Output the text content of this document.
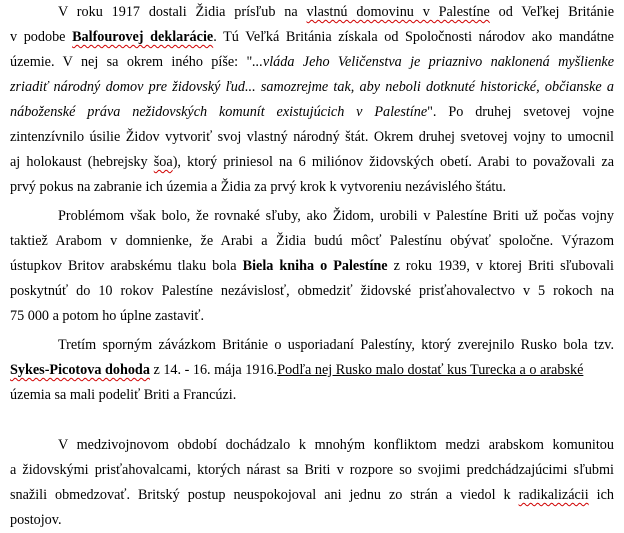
V roku 1917 dostali Židia prísľub na vlastnú domovinu v Palestíne od Veľkej Británie
v podobe Balfourovej deklarácie. Tú Veľká Británia získala od Spoločnosti národov ako mandátne
územie. V nej sa okrem iného píše: "...vláda Jeho Veličenstva je priaznivo naklonená myšlienke
zriadiť národný domov pre židovský ľud... samozrejme tak, aby neboli dotknuté historické, občianske a
náboženské práva nežidovských komunít existujúcich v Palestíne". Po druhej svetovej vojne
zintenzívnilo úsilie Židov vytvoriť svoj vlastný národný štát. Okrem druhej svetovej vojny to umocnil
aj holokaust (hebrejsky šoa), ktorý priniesol na 6 miliónov židovských obetí. Arabi to považovali za
prvý pokus na zabranie ich územia a Židia za prvý krok k vytvoreniu nezávislého štátu.
Problémom však bolo, že rovnaké sľuby, ako Židom, urobili v Palestíne Briti už počas vojny
taktiež Arabom v domnienke, že Arabi a Židia budú môcť Palestínu obývať spoločne. Výrazom
ústupkov Britov arabskému tlaku bola Biela kniha o Palestíne z roku 1939, v ktorej Briti sľubovali
poskytnúť do 10 rokov Palestíne nezávislosť, obmedziť židovské prisťahovalectvo v 5 rokoch na
75 000 a potom ho úplne zastaviť.
Tretím sporným závázkom Británie o usporiadaní Palestíny, ktorý zverejnilo Rusko bola tzv.
Sykes-Picotova dohoda z 14. - 16. mája 1916.Podľa nej Rusko malo dostať kus Turecka a o arabské
územia sa mali podeliť Briti a Francúzi.
V medzivojnovom období dochádzalo k mnohým konfliktom medzi arabskom komunitou
a židovskými prisťahovalcami, ktorých nárast sa Briti v rozpore so svojimi predchádzajúcimi sľubmi
snažili obmedzovať. Britský postup neuspokojoval ani jednu zo strán a viedol k radikalizácii ich
postojov.
